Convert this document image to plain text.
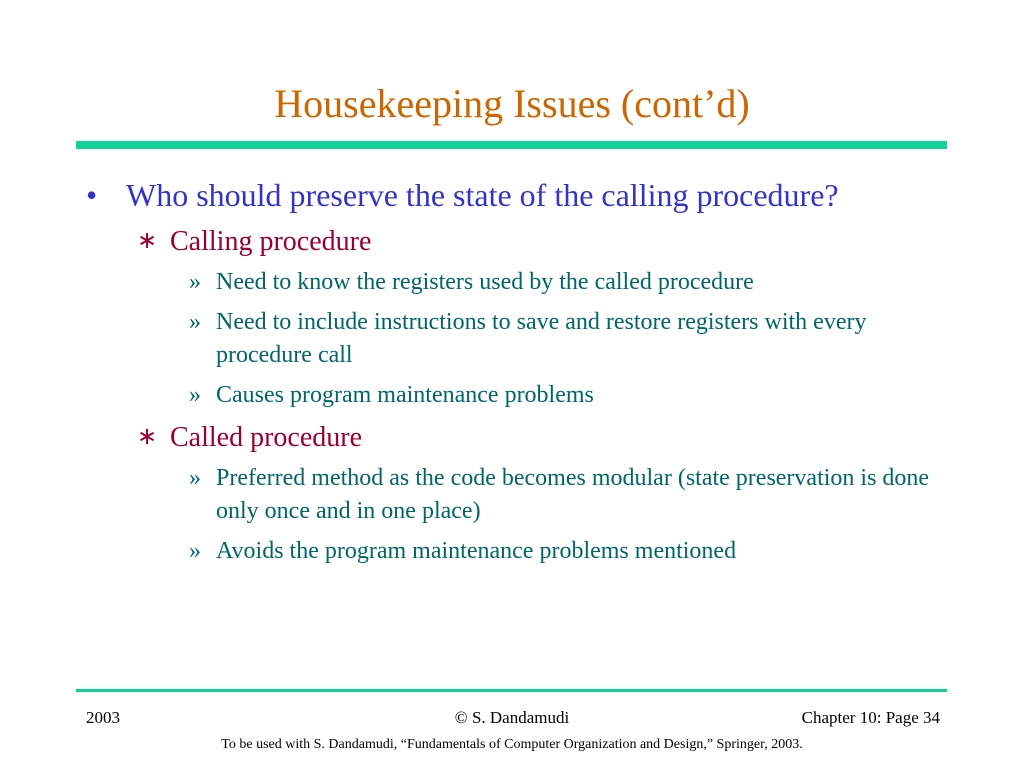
Housekeeping Issues (cont’d)
• Who should preserve the state of the calling procedure?
∗ Calling procedure
» Need to know the registers used by the called procedure
» Need to include instructions to save and restore registers with every procedure call
» Causes program maintenance problems
∗ Called procedure
» Preferred method as the code becomes modular (state preservation is done only once and in one place)
» Avoids the program maintenance problems mentioned
2003	© S. Dandamudi	Chapter 10: Page 34
To be used with S. Dandamudi, “Fundamentals of Computer Organization and Design,” Springer, 2003.
